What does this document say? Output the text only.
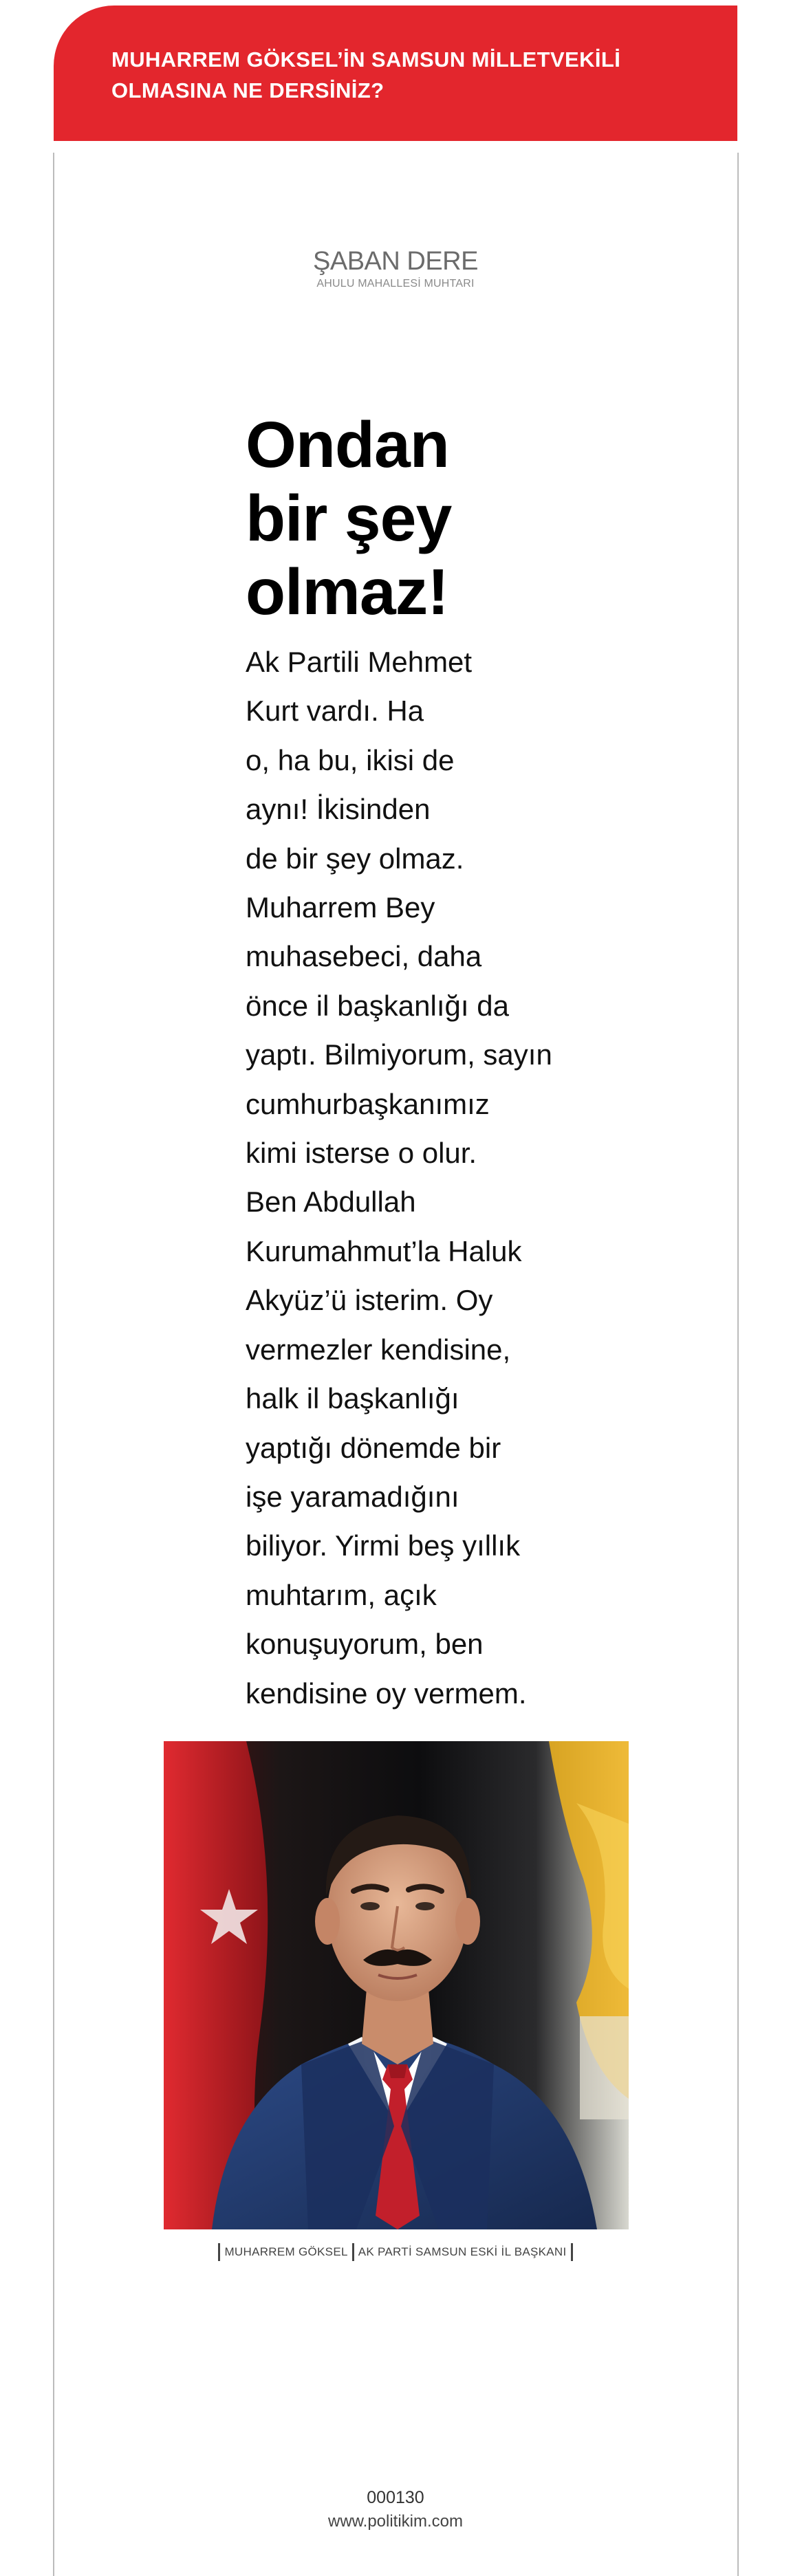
MUHARREM GÖKSEL’İN SAMSUN MİLLETVEKİLİ
OLMASINA NE DERSİNİZ?
ŞABAN DERE
AHULU MAHALLESİ MUHTARI
Ondan
bir şey
olmaz!

Ak Partili Mehmet
Kurt vardı. Ha
o, ha bu, ikisi de
aynı! İkisinden
de bir şey olmaz.
Muharrem Bey
muhasebeci, daha
önce il başkanlığı da
yaptı. Bilmiyorum, sayın
cumhurbaşkanımız
kimi isterse o olur.
Ben Abdullah
Kurumahmut’la Haluk
Akyüz’ü isterim. Oy
vermezler kendisine,
halk il başkanlığı
yaptığı dönemde bir
işe yaramadığını
biliyor. Yirmi beş yıllık
muhtarım, açık
konuşuyorum, ben
kendisine oy vermem.

MUHARREM GÖKSEL AK PARTİ SAMSUN ESKİ İL BAŞKANI
000130
www.politikim.com
